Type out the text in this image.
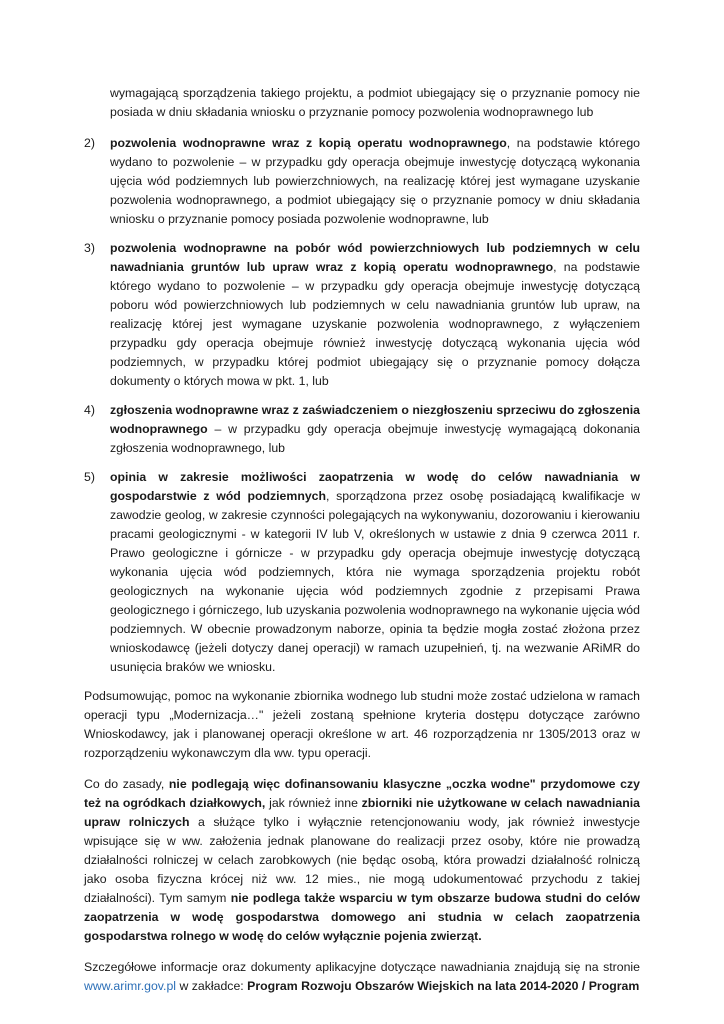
wymagającą sporządzenia takiego projektu, a podmiot ubiegający się o przyznanie pomocy nie posiada w dniu składania wniosku o przyznanie pomocy pozwolenia wodnoprawnego lub

2)	pozwolenia wodnoprawne wraz z kopią operatu wodnoprawnego, na podstawie którego wydano to pozwolenie – w przypadku gdy operacja obejmuje inwestycję dotyczącą wykonania ujęcia wód podziemnych lub powierzchniowych, na realizację której jest wymagane uzyskanie pozwolenia wodnoprawnego, a podmiot ubiegający się o przyznanie pomocy w dniu składania wniosku o przyznanie pomocy posiada pozwolenie wodnoprawne, lub
3)	pozwolenia wodnoprawne na pobór wód powierzchniowych lub podziemnych w celu nawadniania gruntów lub upraw wraz z kopią operatu wodnoprawnego, na podstawie którego wydano to pozwolenie – w przypadku gdy operacja obejmuje inwestycję dotyczącą poboru wód powierzchniowych lub podziemnych w celu nawadniania gruntów lub upraw, na realizację której jest wymagane uzyskanie pozwolenia wodnoprawnego, z wyłączeniem przypadku gdy operacja obejmuje również inwestycję dotyczącą wykonania ujęcia wód podziemnych, w przypadku której podmiot ubiegający się o przyznanie pomocy dołącza dokumenty o których mowa w pkt. 1, lub
4)	zgłoszenia wodnoprawne wraz z zaświadczeniem o niezgłoszeniu sprzeciwu do zgłoszenia wodnoprawnego – w przypadku gdy operacja obejmuje inwestycję wymagającą dokonania zgłoszenia wodnoprawnego, lub
5)	opinia w zakresie możliwości zaopatrzenia w wodę do celów nawadniania w gospodarstwie z wód podziemnych, sporządzona przez osobę posiadającą kwalifikacje w zawodzie geolog, w zakresie czynności polegających na wykonywaniu, dozorowaniu i kierowaniu pracami geologicznymi - w kategorii IV lub V, określonych w ustawie z dnia 9 czerwca 2011 r. Prawo geologiczne i górnicze - w przypadku gdy operacja obejmuje inwestycję dotyczącą wykonania ujęcia wód podziemnych, która nie wymaga sporządzenia projektu robót geologicznych na wykonanie ujęcia wód podziemnych zgodnie z przepisami Prawa geologicznego i górniczego, lub uzyskania pozwolenia wodnoprawnego na wykonanie ujęcia wód podziemnych. W obecnie prowadzonym naborze, opinia ta będzie mogła zostać złożona przez wnioskodawcę (jeżeli dotyczy danej operacji) w ramach uzupełnień, tj. na wezwanie ARiMR do usunięcia braków we wniosku.

Podsumowując, pomoc na wykonanie zbiornika wodnego lub studni może zostać udzielona w ramach operacji typu „Modernizacja…" jeżeli zostaną spełnione kryteria dostępu dotyczące zarówno Wnioskodawcy, jak i planowanej operacji określone w art. 46 rozporządzenia nr 1305/2013 oraz w rozporządzeniu wykonawczym dla ww. typu operacji.

Co do zasady, nie podlegają więc dofinansowaniu klasyczne „oczka wodne" przydomowe czy też na ogródkach działkowych, jak również inne zbiorniki nie użytkowane w celach nawadniania upraw rolniczych a służące tylko i wyłącznie retencjonowaniu wody, jak również inwestycje wpisujące się w ww. założenia jednak planowane do realizacji przez osoby, które nie prowadzą działalności rolniczej w celach zarobkowych (nie będąc osobą, która prowadzi działalność rolniczą jako osoba fizyczna krócej niż ww. 12 mies., nie mogą udokumentować przychodu z takiej działalności). Tym samym nie podlega także wsparciu w tym obszarze budowa studni do celów zaopatrzenia w wodę gospodarstwa domowego ani studnia w celach zaopatrzenia gospodarstwa rolnego w wodę do celów wyłącznie pojenia zwierząt.

Szczegółowe informacje oraz dokumenty aplikacyjne dotyczące nawadniania znajdują się na stronie www.arimr.gov.pl w zakładce: Program Rozwoju Obszarów Wiejskich na lata 2014-2020 / Program
